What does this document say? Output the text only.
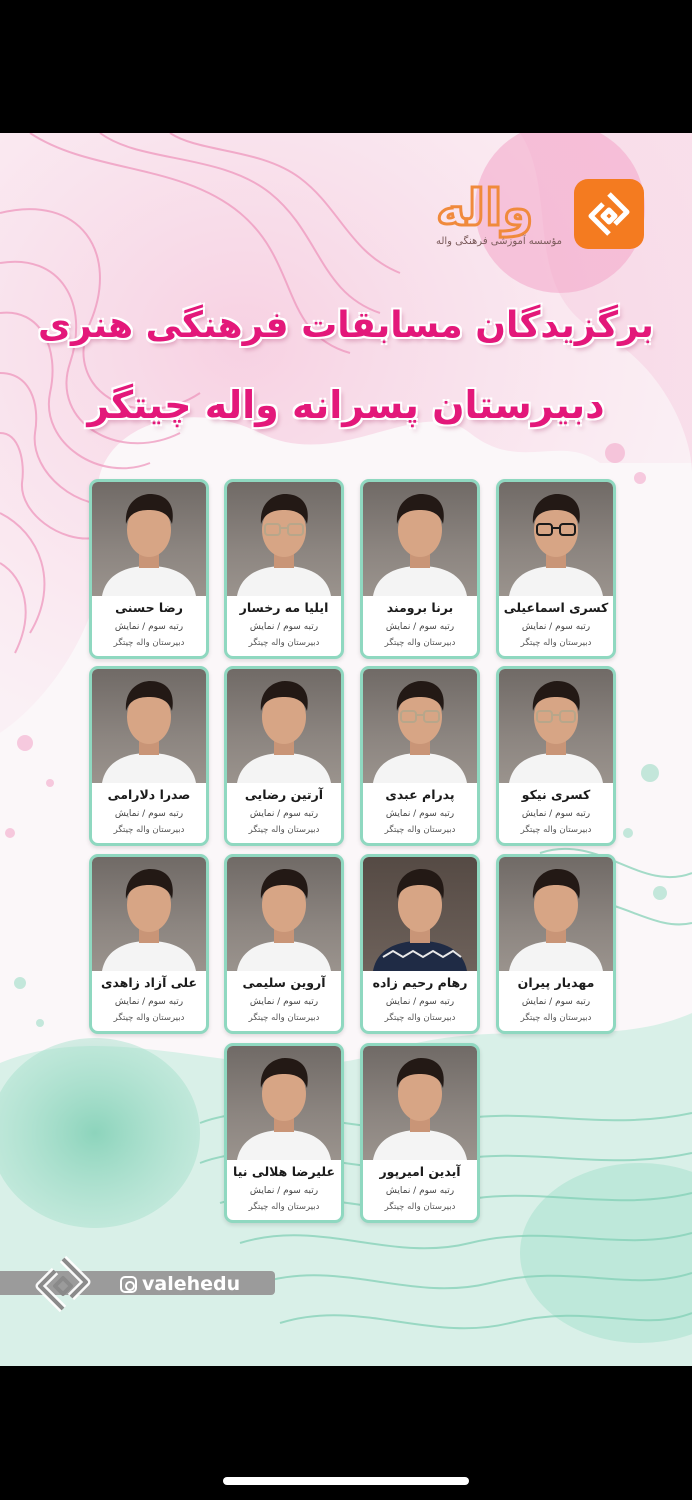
واله
مؤسسه آموزشی فرهنگی واله
برگزیدگان مسابقات فرهنگی هنری
دبیرستان پسرانه واله چیتگر
کسری اسماعیلی
رتبه سوم / نمایش
دبیرستان واله چیتگر
برنا برومند
رتبه سوم / نمایش
دبیرستان واله چیتگر
ایلیا مه رخسار
رتبه سوم / نمایش
دبیرستان واله چیتگر
رضا حسنی
رتبه سوم / نمایش
دبیرستان واله چیتگر
کسری نیکو
رتبه سوم / نمایش
دبیرستان واله چیتگر
پدرام عبدی
رتبه سوم / نمایش
دبیرستان واله چیتگر
آرتین رضایی
رتبه سوم / نمایش
دبیرستان واله چیتگر
صدرا دلارامی
رتبه سوم / نمایش
دبیرستان واله چیتگر
مهدیار پیران
رتبه سوم / نمایش
دبیرستان واله چیتگر
رهام رحیم زاده
رتبه سوم / نمایش
دبیرستان واله چیتگر
آروین سلیمی
رتبه سوم / نمایش
دبیرستان واله چیتگر
علی آزاد زاهدی
رتبه سوم / نمایش
دبیرستان واله چیتگر
آیدین امیرپور
رتبه سوم / نمایش
دبیرستان واله چیتگر
علیرضا هلالی نیا
رتبه سوم / نمایش
دبیرستان واله چیتگر
valehedu
